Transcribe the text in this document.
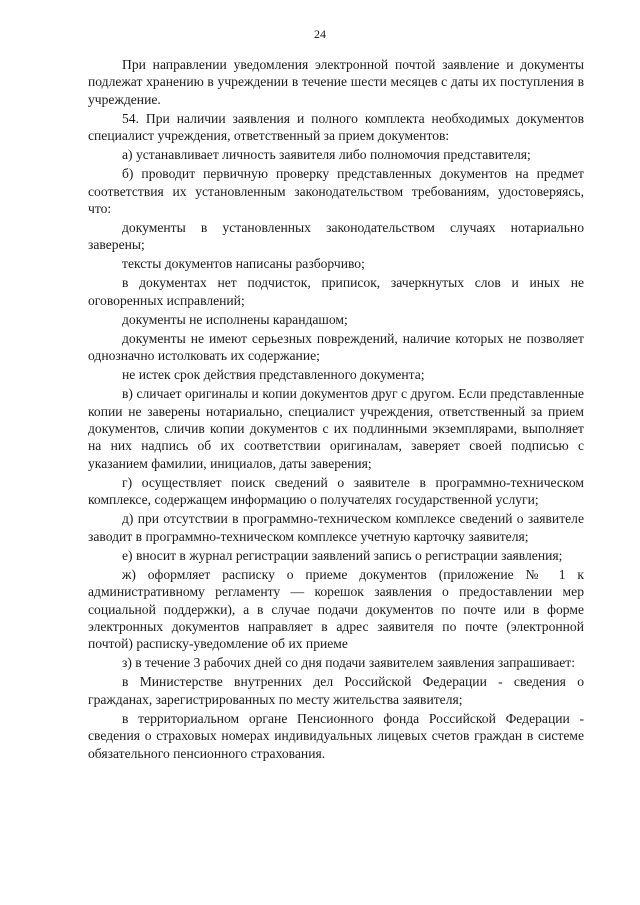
24

При направлении уведомления электронной почтой заявление и документы подлежат хранению в учреждении в течение шести месяцев с даты их поступления в учреждение.

54. При наличии заявления и полного комплекта необходимых документов специалист учреждения, ответственный за прием документов:

а) устанавливает личность заявителя либо полномочия представителя;

б) проводит первичную проверку представленных документов на предмет соответствия их установленным законодательством требованиям, удостоверяясь, что:

документы в установленных законодательством случаях нотариально заверены;

тексты документов написаны разборчиво;

в документах нет подчисток, приписок, зачеркнутых слов и иных не оговоренных исправлений;

документы не исполнены карандашом;

документы не имеют серьезных повреждений, наличие которых не позволяет однозначно истолковать их содержание;

не истек срок действия представленного документа;

в) сличает оригиналы и копии документов друг с другом. Если представленные копии не заверены нотариально, специалист учреждения, ответственный за прием документов, сличив копии документов с их подлинными экземплярами, выполняет на них надпись об их соответствии оригиналам, заверяет своей подписью с указанием фамилии, инициалов, даты заверения;

г) осуществляет поиск сведений о заявителе в программно-техническом комплексе, содержащем информацию о получателях государственной услуги;

д) при отсутствии в программно-техническом комплексе сведений о заявителе заводит в программно-техническом комплексе учетную карточку заявителя;

е) вносит в журнал регистрации заявлений запись о регистрации заявления;

ж) оформляет расписку о приеме документов (приложение № 1 к административному регламенту — корешок заявления о предоставлении мер социальной поддержки), а в случае подачи документов по почте или в форме электронных документов направляет в адрес заявителя по почте (электронной почтой) расписку-уведомление об их приеме

з) в течение 3 рабочих дней со дня подачи заявителем заявления запрашивает:

в Министерстве внутренних дел Российской Федерации - сведения о гражданах, зарегистрированных по месту жительства заявителя;

в территориальном органе Пенсионного фонда Российской Федерации - сведения о страховых номерах индивидуальных лицевых счетов граждан в системе обязательного пенсионного страхования.
